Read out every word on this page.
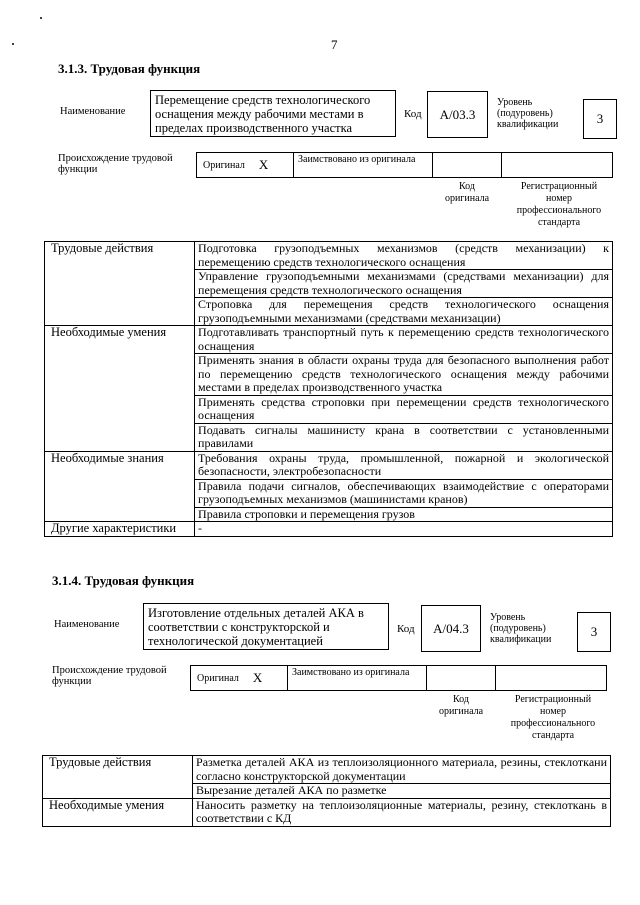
7
3.1.3. Трудовая функция
Наименование
Перемещение средств технологического оснащения между рабочими местами в пределах производственного участка
Код	A/03.3
Уровень (подуровень) квалификации	3
Происхождение трудовой функции	Оригинал X	Заимствовано из оригинала
Код оригинала
Регистрационный номер профессионального стандарта
Трудовые действия	Подготовка грузоподъемных механизмов (средств механизации) к перемещению средств технологического оснащения
	Управление грузоподъемными механизмами (средствами механизации) для перемещения средств технологического оснащения
	Строповка для перемещения средств технологического оснащения грузоподъемными механизмами (средствами механизации)
Необходимые умения	Подготавливать транспортный путь к перемещению средств технологического оснащения
	Применять знания в области охраны труда для безопасного выполнения работ по перемещению средств технологического оснащения между рабочими местами в пределах производственного участка
	Применять средства строповки при перемещении средств технологического оснащения
	Подавать сигналы машинисту крана в соответствии с установленными правилами
Необходимые знания	Требования охраны труда, промышленной, пожарной и экологической безопасности, электробезопасности
	Правила подачи сигналов, обеспечивающих взаимодействие с операторами грузоподъемных механизмов (машинистами кранов)
	Правила строповки и перемещения грузов
Другие характеристики	-
3.1.4. Трудовая функция
Наименование
Изготовление отдельных деталей АКА в соответствии с конструкторской и технологической документацией
Код	A/04.3
Уровень (подуровень) квалификации
3
Происхождение трудовой функции	Оригинал X	Заимствовано из оригинала
Код оригинала
Регистрационный номер профессионального стандарта
Трудовые действия	Разметка деталей АКА из теплоизоляционного материала, резины, стеклоткани согласно конструкторской документации
	Вырезание деталей АКА по разметке
Необходимые умения	Наносить разметку на теплоизоляционные материалы, резину, стеклоткань в соответствии с КД
